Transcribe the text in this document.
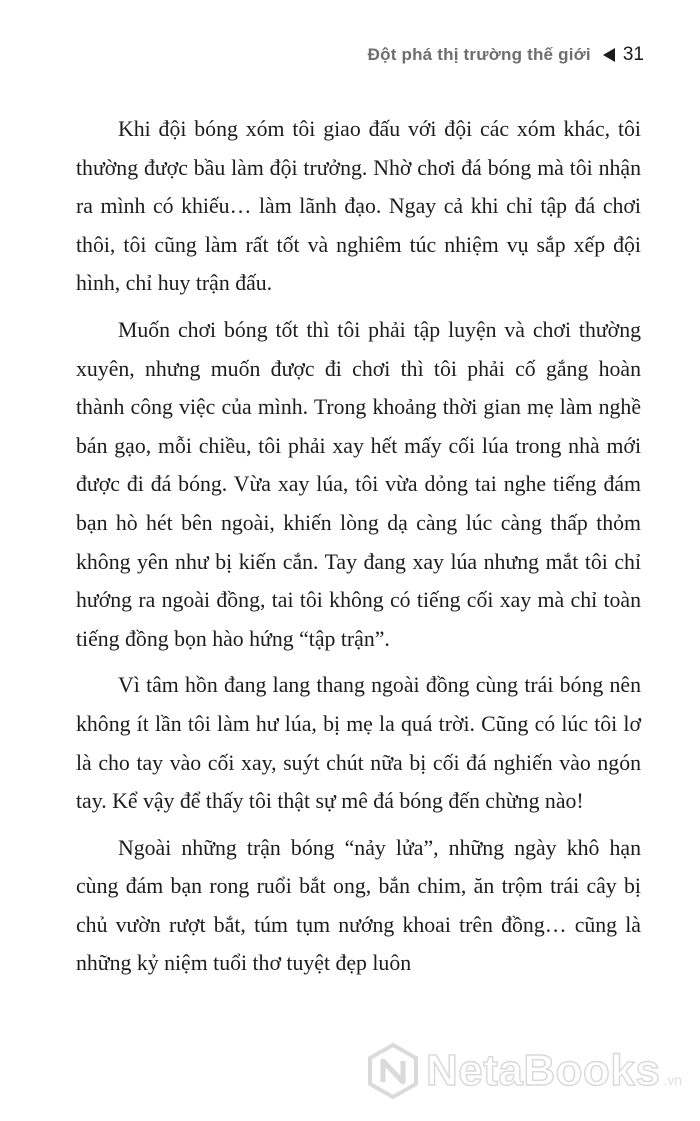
Đột phá thị trường thế giới 31

Khi đội bóng xóm tôi giao đấu với đội các xóm khác, tôi thường được bầu làm đội trưởng. Nhờ chơi đá bóng mà tôi nhận ra mình có khiếu… làm lãnh đạo. Ngay cả khi chỉ tập đá chơi thôi, tôi cũng làm rất tốt và nghiêm túc nhiệm vụ sắp xếp đội hình, chỉ huy trận đấu.

Muốn chơi bóng tốt thì tôi phải tập luyện và chơi thường xuyên, nhưng muốn được đi chơi thì tôi phải cố gắng hoàn thành công việc của mình. Trong khoảng thời gian mẹ làm nghề bán gạo, mỗi chiều, tôi phải xay hết mấy cối lúa trong nhà mới được đi đá bóng. Vừa xay lúa, tôi vừa dỏng tai nghe tiếng đám bạn hò hét bên ngoài, khiến lòng dạ càng lúc càng thấp thỏm không yên như bị kiến cắn. Tay đang xay lúa nhưng mắt tôi chỉ hướng ra ngoài đồng, tai tôi không có tiếng cối xay mà chỉ toàn tiếng đồng bọn hào hứng “tập trận”.

Vì tâm hồn đang lang thang ngoài đồng cùng trái bóng nên không ít lần tôi làm hư lúa, bị mẹ la quá trời. Cũng có lúc tôi lơ là cho tay vào cối xay, suýt chút nữa bị cối đá nghiến vào ngón tay. Kể vậy để thấy tôi thật sự mê đá bóng đến chừng nào!

Ngoài những trận bóng “nảy lửa”, những ngày khô hạn cùng đám bạn rong ruổi bắt ong, bắn chim, ăn trộm trái cây bị chủ vườn rượt bắt, túm tụm nướng khoai trên đồng… cũng là những kỷ niệm tuổi thơ tuyệt đẹp luôn

NetaBooks .vn
